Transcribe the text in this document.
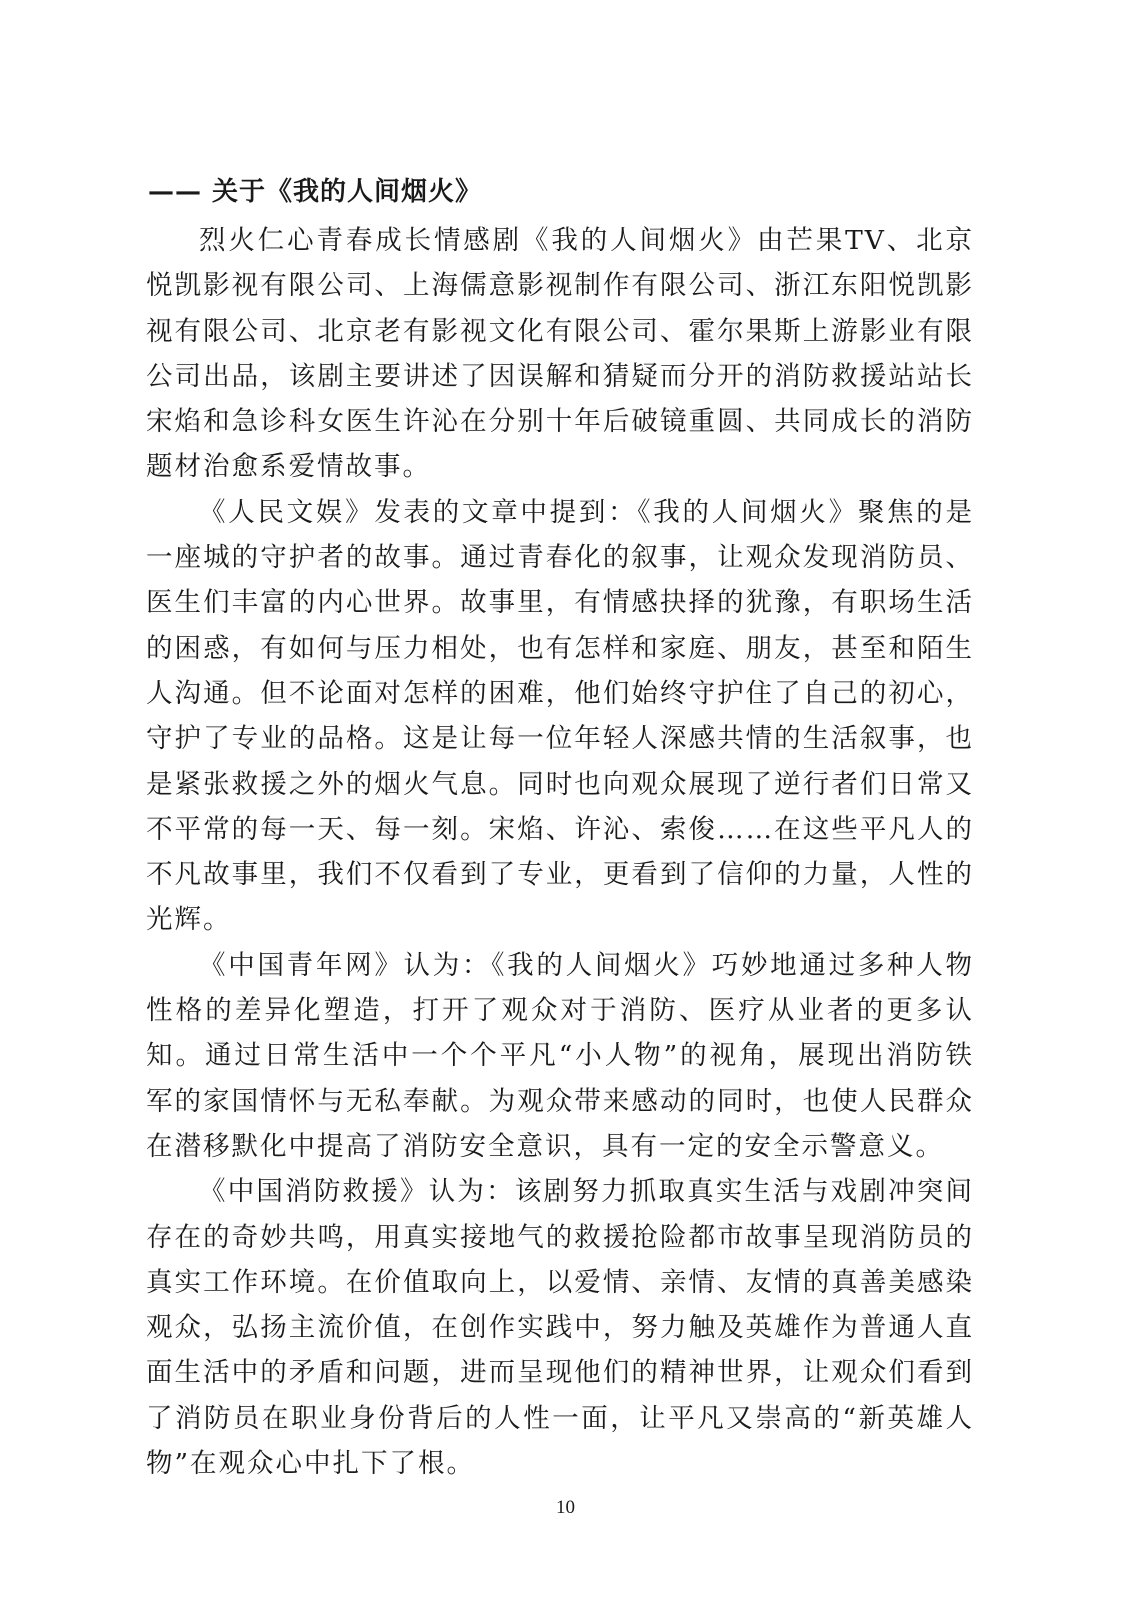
—— 关于《我的人间烟火》

烈火仁心青春成长情感剧《我的人间烟火》由芒果TV、北京悦凯影视有限公司、上海儒意影视制作有限公司、浙江东阳悦凯影视有限公司、北京老有影视文化有限公司、霍尔果斯上游影业有限公司出品，该剧主要讲述了因误解和猜疑而分开的消防救援站站长宋焰和急诊科女医生许沁在分别十年后破镜重圆、共同成长的消防题材治愈系爱情故事。

《人民文娱》发表的文章中提到：《我的人间烟火》聚焦的是一座城的守护者的故事。通过青春化的叙事，让观众发现消防员、医生们丰富的内心世界。故事里，有情感抉择的犹豫，有职场生活的困惑，有如何与压力相处，也有怎样和家庭、朋友，甚至和陌生人沟通。但不论面对怎样的困难，他们始终守护住了自己的初心，守护了专业的品格。这是让每一位年轻人深感共情的生活叙事，也是紧张救援之外的烟火气息。同时也向观众展现了逆行者们日常又不平常的每一天、每一刻。宋焰、许沁、索俊……在这些平凡人的不凡故事里，我们不仅看到了专业，更看到了信仰的力量，人性的光辉。

《中国青年网》认为：《我的人间烟火》巧妙地通过多种人物性格的差异化塑造，打开了观众对于消防、医疗从业者的更多认知。通过日常生活中一个个平凡“小人物”的视角，展现出消防铁军的家国情怀与无私奉献。为观众带来感动的同时，也使人民群众在潜移默化中提高了消防安全意识，具有一定的安全示警意义。

《中国消防救援》认为：该剧努力抓取真实生活与戏剧冲突间存在的奇妙共鸣，用真实接地气的救援抢险都市故事呈现消防员的真实工作环境。在价值取向上，以爱情、亲情、友情的真善美感染观众，弘扬主流价值，在创作实践中，努力触及英雄作为普通人直面生活中的矛盾和问题，进而呈现他们的精神世界，让观众们看到了消防员在职业身份背后的人性一面，让平凡又崇高的“新英雄人物”在观众心中扎下了根。

10
